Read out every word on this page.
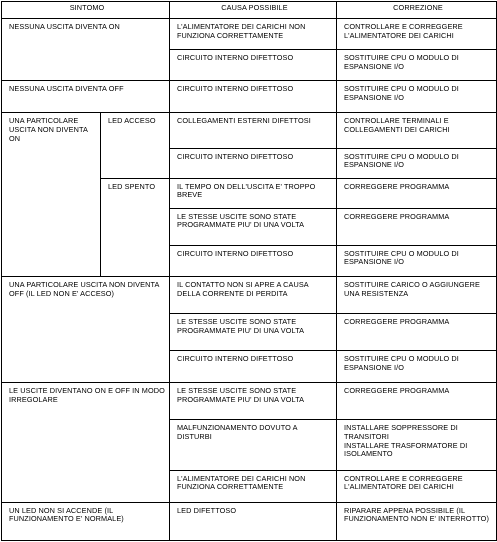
SINTOMO		CAUSA POSSIBILE	CORREZIONE
NESSUNA USCITA DIVENTA ON		L'ALIMENTATORE DEI CARICHI NON FUNZIONA CORRETTAMENTE	CONTROLLARE E CORREGGERE L'ALIMENTATORE DEI CARICHI
		CIRCUITO INTERNO DIFETTOSO	SOSTITUIRE CPU O MODULO DI ESPANSIONE I/O
NESSUNA USCITA DIVENTA OFF		CIRCUITO INTERNO DIFETTOSO	SOSTITUIRE CPU O MODULO DI ESPANSIONE I/O
UNA PARTICOLARE USCITA NON DIVENTA ON	LED ACCESO	COLLEGAMENTI ESTERNI DIFETTOSI	CONTROLLARE TERMINALI E COLLEGAMENTI DEI CARICHI
		CIRCUITO INTERNO DIFETTOSO	SOSTITUIRE CPU O MODULO DI ESPANSIONE I/O
	LED SPENTO	IL TEMPO ON DELL'USCITA E' TROPPO BREVE	CORREGGERE PROGRAMMA
		LE STESSE USCITE SONO STATE PROGRAMMATE PIU' DI UNA VOLTA	CORREGGERE PROGRAMMA
		CIRCUITO INTERNO DIFETTOSO	SOSTITUIRE CPU O MODULO DI ESPANSIONE I/O
UNA PARTICOLARE USCITA NON DIVENTA OFF (IL LED NON E' ACCESO)		IL CONTATTO NON SI APRE A CAUSA DELLA CORRENTE DI PERDITA	SOSTITUIRE CARICO O AGGIUNGERE UNA RESISTENZA
		LE STESSE USCITE SONO STATE PROGRAMMATE PIU' DI UNA VOLTA	CORREGGERE PROGRAMMA
		CIRCUITO INTERNO DIFETTOSO	SOSTITUIRE CPU O MODULO DI ESPANSIONE I/O
LE USCITE DIVENTANO ON E OFF IN MODO IRREGOLARE		LE STESSE USCITE SONO STATE PROGRAMMATE PIU' DI UNA VOLTA	CORREGGERE PROGRAMMA
		MALFUNZIONAMENTO DOVUTO A DISTURBI	INSTALLARE SOPPRESSORE DI TRANSITORI
INSTALLARE TRASFORMATORE DI ISOLAMENTO
		L'ALIMENTATORE DEI CARICHI NON FUNZIONA CORRETTAMENTE	CONTROLLARE E CORREGGERE L'ALIMENTATORE DEI CARICHI
UN LED NON SI ACCENDE (IL FUNZIONAMENTO E' NORMALE)		LED DIFETTOSO	RIPARARE APPENA POSSIBILE (IL FUNZIONAMENTO NON E' INTERROTTO)
